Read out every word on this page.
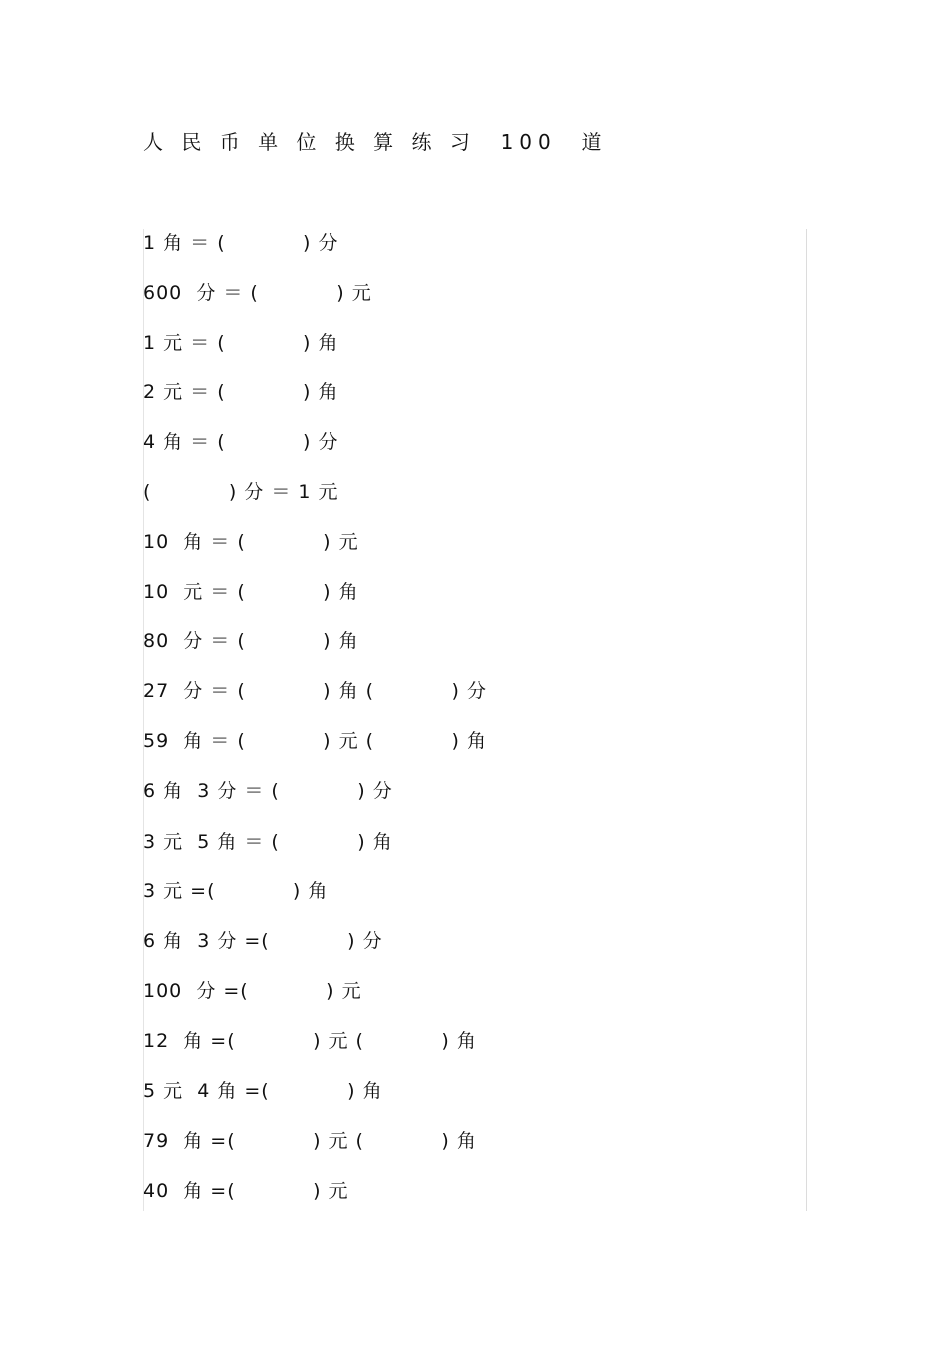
人 民 币 单 位 换 算 练 习  100  道
1 角 ＝ (           ) 分
600  分 ＝ (           ) 元
1 元 ＝ (           ) 角
2 元 ＝ (           ) 角
4 角 ＝ (           ) 分
(           ) 分 ＝ 1 元
10  角 ＝ (           ) 元
10  元 ＝ (           ) 角
80  分 ＝ (           ) 角
27  分 ＝ (           ) 角 (           ) 分
59  角 ＝ (           ) 元 (           ) 角
6 角  3 分 ＝ (           ) 分
3 元  5 角 ＝ (           ) 角
3 元 =(           ) 角
6 角  3 分 =(           ) 分
100  分 =(           ) 元
12  角 =(           ) 元 (           ) 角
5 元  4 角 =(           ) 角
79  角 =(           ) 元 (           ) 角
40  角 =(           ) 元
